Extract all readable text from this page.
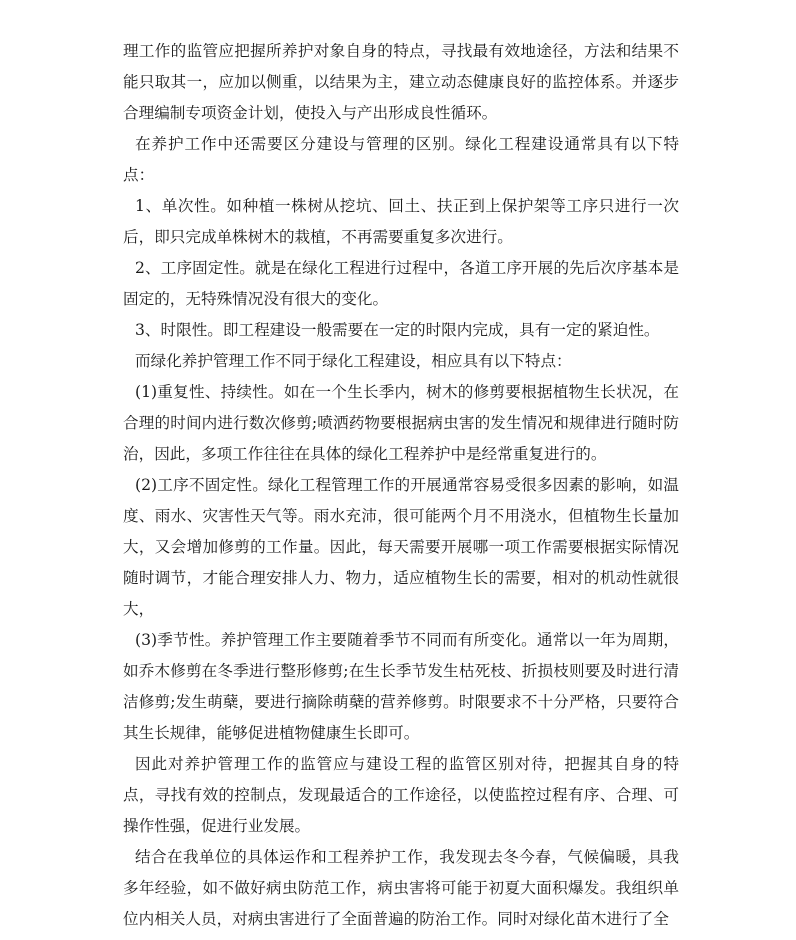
理工作的监管应把握所养护对象自身的特点，寻找最有效地途径，方法和结果不能只取其一，应加以侧重，以结果为主，建立动态健康良好的监控体系。并逐步合理编制专项资金计划，使投入与产出形成良性循环。

在养护工作中还需要区分建设与管理的区别。绿化工程建设通常具有以下特点：

1、单次性。如种植一株树从挖坑、回土、扶正到上保护架等工序只进行一次后，即只完成单株树木的栽植，不再需要重复多次进行。

2、工序固定性。就是在绿化工程进行过程中，各道工序开展的先后次序基本是固定的，无特殊情况没有很大的变化。

3、时限性。即工程建设一般需要在一定的时限内完成，具有一定的紧迫性。

而绿化养护管理工作不同于绿化工程建设，相应具有以下特点：

(1)重复性、持续性。如在一个生长季内，树木的修剪要根据植物生长状况，在合理的时间内进行数次修剪;喷洒药物要根据病虫害的发生情况和规律进行随时防治，因此，多项工作往往在具体的绿化工程养护中是经常重复进行的。

(2)工序不固定性。绿化工程管理工作的开展通常容易受很多因素的影响，如温度、雨水、灾害性天气等。雨水充沛，很可能两个月不用浇水，但植物生长量加大，又会增加修剪的工作量。因此，每天需要开展哪一项工作需要根据实际情况随时调节，才能合理安排人力、物力，适应植物生长的需要，相对的机动性就很大，

(3)季节性。养护管理工作主要随着季节不同而有所变化。通常以一年为周期，如乔木修剪在冬季进行整形修剪;在生长季节发生枯死枝、折损枝则要及时进行清洁修剪;发生萌蘖，要进行摘除萌蘖的营养修剪。时限要求不十分严格，只要符合其生长规律，能够促进植物健康生长即可。

因此对养护管理工作的监管应与建设工程的监管区别对待，把握其自身的特点，寻找有效的控制点，发现最适合的工作途径，以使监控过程有序、合理、可操作性强，促进行业发展。

结合在我单位的具体运作和工程养护工作，我发现去冬今春，气候偏暖，具我多年经验，如不做好病虫防范工作，病虫害将可能于初夏大面积爆发。我组织单位内相关人员，对病虫害进行了全面普遍的防治工作。同时对绿化苗木进行了全
